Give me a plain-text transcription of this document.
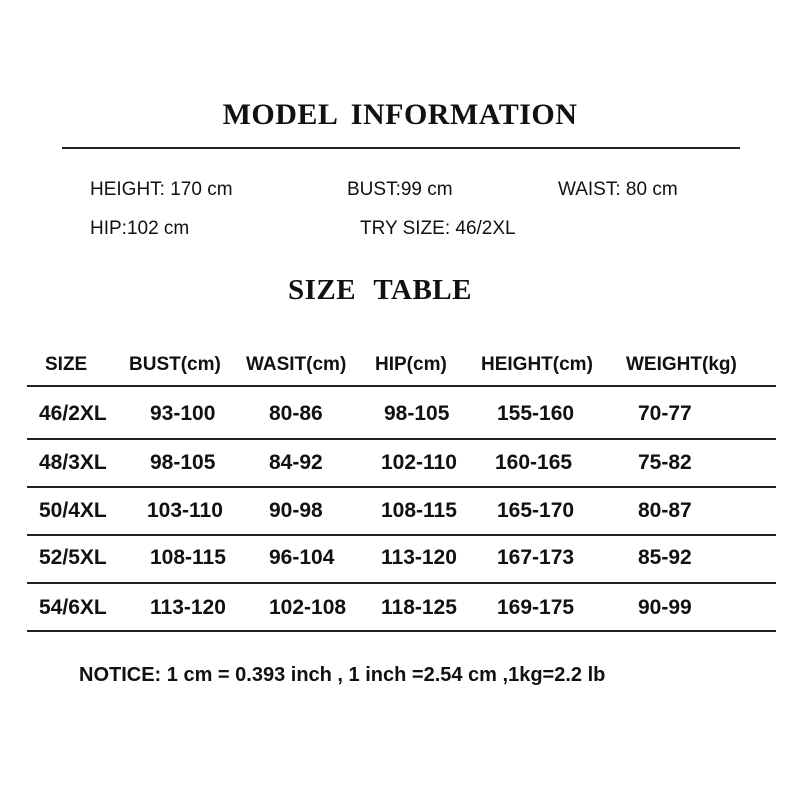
MODEL INFORMATION
HEIGHT: 170 cm	BUST:99 cm	WAIST: 80 cm
HIP:102 cm	TRY SIZE: 46/2XL
SIZE TABLE
SIZE BUST(cm) WASIT(cm) HIP(cm) HEIGHT(cm) WEIGHT(kg)
46/2XL 93-100	80-86	98-105 155-160	70-77
48/3XL 98-105	84-92	102-110 160-165	75-82
50/4XL 103-110 90-98	108-115 165-170	80-87
52/5XL 108-115 96-104 113-120 167-173	85-92
54/6XL 113-120 102-108 118-125 169-175	90-99
NOTICE: 1 cm = 0.393 inch , 1 inch =2.54 cm ,1kg=2.2 lb
